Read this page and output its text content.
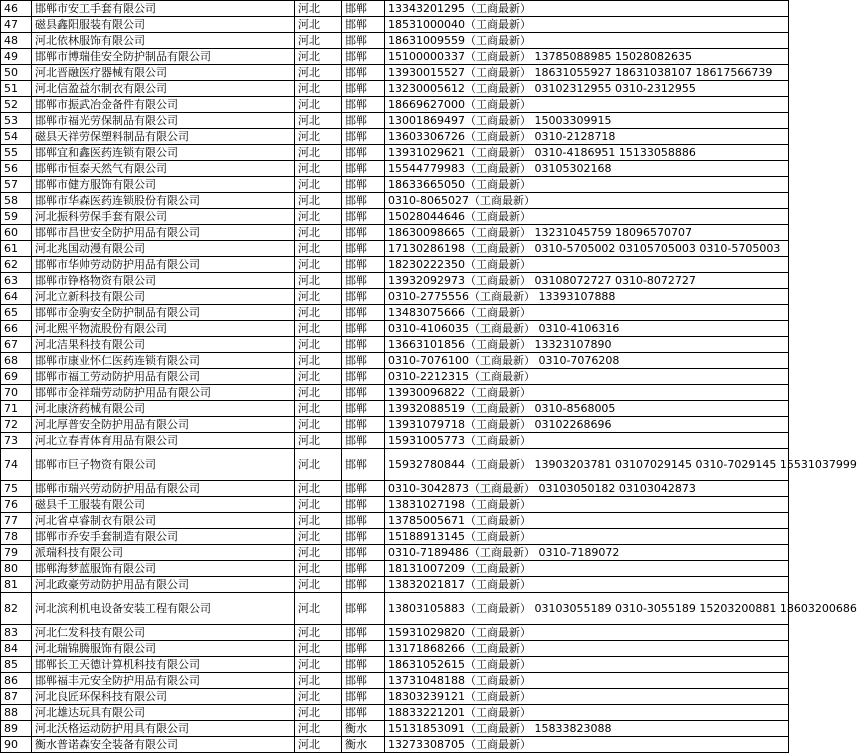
46	邯郸市安工手套有限公司	河北	邯郸	13343201295（工商最新）
47	磁县鑫阳服装有限公司	河北	邯郸	18531000040（工商最新）
48	河北依林服饰有限公司	河北	邯郸	18631009559（工商最新）
49	邯郸市博瑞佳安全防护制品有限公司	河北	邯郸	15100000337（工商最新） 13785088985 15028082635
50	河北晋融医疗器械有限公司	河北	邯郸	13930015527（工商最新） 18631055927 18631038107 18617566739
51	河北信盈益尔制衣有限公司	河北	邯郸	13230005612（工商最新） 03102312955 0310-2312955
52	邯郸市振武冶金备件有限公司	河北	邯郸	18669627000（工商最新）
53	邯郸市福光劳保制品有限公司	河北	邯郸	13001869497（工商最新） 15003309915
54	磁县天祥劳保塑料制品有限公司	河北	邯郸	13603306726（工商最新） 0310-2128718
55	邯郸宜和鑫医药连锁有限公司	河北	邯郸	13931029621（工商最新） 0310-4186951 15133058886
56	邯郸市恒泰天然气有限公司	河北	邯郸	15544779983（工商最新） 03105302168
57	邯郸市健方服饰有限公司	河北	邯郸	18633665050（工商最新）
58	邯郸市华森医药连锁股份有限公司	河北	邯郸	0310-8065027（工商最新）
59	河北振科劳保手套有限公司	河北	邯郸	15028044646（工商最新）
60	邯郸市昌世安全防护用品有限公司	河北	邯郸	18630098665（工商最新） 13231045759 18096570707
61	河北兆国动漫有限公司	河北	邯郸	17130286198（工商最新） 0310-5705002 03105705003 0310-5705003
62	邯郸市华帅劳动防护用品有限公司	河北	邯郸	18230222350（工商最新）
63	邯郸市铮格物资有限公司	河北	邯郸	13932092973（工商最新） 03108072727 0310-8072727
64	河北立新科技有限公司	河北	邯郸	0310-2775556（工商最新） 13393107888
65	邯郸市金驹安全防护制品有限公司	河北	邯郸	13483075666（工商最新）
66	河北熙平物流股份有限公司	河北	邯郸	0310-4106035（工商最新） 0310-4106316
67	河北洁果科技有限公司	河北	邯郸	13663101856（工商最新） 13323107890
68	邯郸市康业怀仁医药连锁有限公司	河北	邯郸	0310-7076100（工商最新） 0310-7076208
69	邯郸市福工劳动防护用品有限公司	河北	邯郸	0310-2212315（工商最新）
70	邯郸市金祥瑞劳动防护用品有限公司	河北	邯郸	13930096822（工商最新）
71	河北康济药械有限公司	河北	邯郸	13932088519（工商最新） 0310-8568005
72	河北厚普安全防护用品有限公司	河北	邯郸	13931079718（工商最新） 03102268696
73	河北立春青体育用品有限公司	河北	邯郸	15931005773（工商最新）
74	邯郸市巨子物资有限公司	河北	邯郸	15932780844（工商最新） 13903203781 03107029145 0310-7029145 15531037999
75	邯郸市瑞兴劳动防护用品有限公司	河北	邯郸	0310-3042873（工商最新） 03103050182 03103042873
76	磁县千工服装有限公司	河北	邯郸	13831027198（工商最新）
77	河北省卓睿制衣有限公司	河北	邯郸	13785005671（工商最新）
78	邯郸市乔安手套制造有限公司	河北	邯郸	15188913145（工商最新）
79	派瑞科技有限公司	河北	邯郸	0310-7189486（工商最新） 0310-7189072
80	邯郸海梦蓝服饰有限公司	河北	邯郸	18131007209（工商最新）
81	河北政豪劳动防护用品有限公司	河北	邯郸	13832021817（工商最新）
82	河北滨利机电设备安装工程有限公司	河北	邯郸	13803105883（工商最新） 03103055189 0310-3055189 15203200881 18603200686
83	河北仁发科技有限公司	河北	邯郸	15931029820（工商最新）
84	河北瑞锦腾服饰有限公司	河北	邯郸	13171868266（工商最新）
85	邯郸长工天德计算机科技有限公司	河北	邯郸	18631052615（工商最新）
86	邯郸福丰元安全防护用品有限公司	河北	邯郸	13731048188（工商最新）
87	河北良匠环保科技有限公司	河北	邯郸	18303239121（工商最新）
88	河北雄达玩具有限公司	河北	邯郸	18833221201（工商最新）
89	河北沃格运动防护用具有限公司	河北	衡水	15131853091（工商最新） 15833823088
90	衡水普诺森安全装备有限公司	河北	衡水	13273308705（工商最新）
